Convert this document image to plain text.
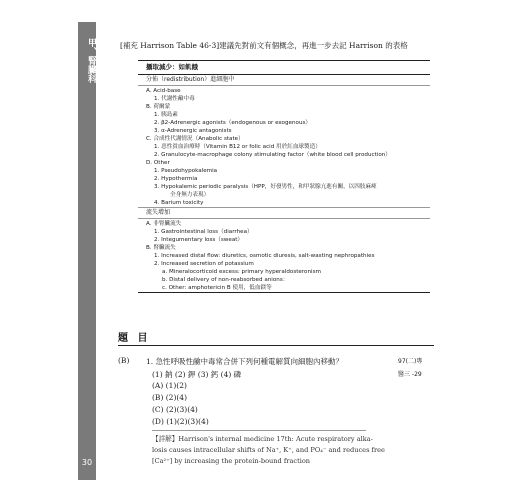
甲、腎臟科
30
[補充 Harrison Table 46-3]建議先對前文有個概念，再進一步去記 Harrison 的表格
攝取減少：如飢餓
分佈（redistribution）進細胞中
A. Acid-base
1. 代謝性鹼中毒
B. 荷爾蒙
1. 胰島素
2. β2-Adrenergic agonists（endogenous or exogenous）
3. α-Adrenergic antagonists
C. 合成性代謝情況（Anabolic state）
1. 惡性貧血治療時（Vitamin B12 or folic acid 用於紅血球製造）
2. Granulocyte-macrophage colony stimulating factor（white blood cell production）
D. Other
1. Pseudohypokalemia
2. Hypothermia
3. Hypokalemic periodic paralysis（HPP，好發男性，和甲狀腺亢進有關，以四肢麻痺
全身無力表現）
4. Barium toxicity
流失增加
A. 非腎臟流失
1. Gastrointestinal loss（diarrhea）
2. Integumentary loss（sweat）
B. 腎臟流失
1. Increased distal flow: diuretics, osmotic diuresis, salt-wasting nephropathies
2. Increased secretion of potassium
a. Mineralocorticoid excess: primary hyperaldosteronism
b. Distal delivery of non-reabsorbed anions：
c. Other: amphotericin B 使用，低血鎂等
題 目
(B) 1. 急性呼吸性鹼中毒常合併下列何種電解質向細胞內移動？	97(二)專
(1) 鈉 (2) 鉀 (3) 鈣 (4) 磷	醫三 -29
(A) (1)(2)
(B) (2)(4)
(C) (2)(3)(4)
(D) (1)(2)(3)(4)
【詳解】Harrison's internal medicine 17th: Acute respiratory alka-
losis causes intracellular shifts of Na⁺, K⁺, and PO₄⁻ and reduces free
[Ca²⁺] by increasing the protein-bound fraction
